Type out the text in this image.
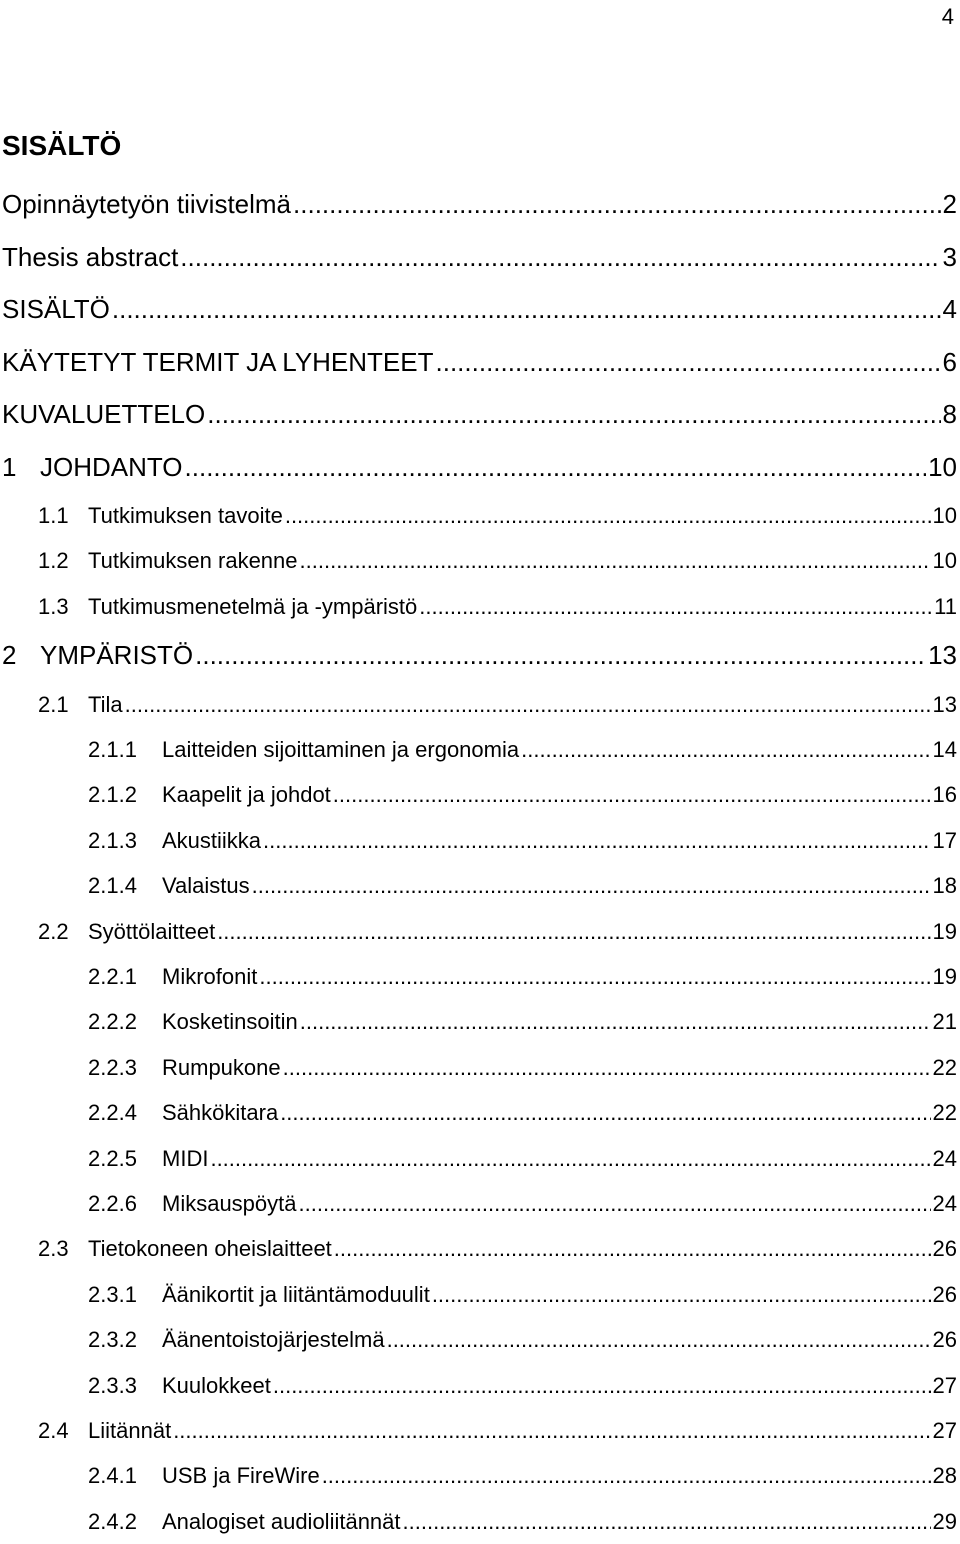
4
SISÄLTÖ
Opinnäytetyön tiivistelmä .....	2
Thesis abstract .....	3
SISÄLTÖ .....	4
KÄYTETYT TERMIT JA LYHENTEET .....	6
KUVALUETTELO .....	8
1 JOHDANTO .....	10
1.1 Tutkimuksen tavoite .....	10
1.2 Tutkimuksen rakenne .....	10
1.3 Tutkimusmenetelmä ja -ympäristö .....	11
2 YMPÄRISTÖ .....	13
2.1 Tila .....	13
2.1.1	Laitteiden sijoittaminen ja ergonomia .....	14
2.1.2	Kaapelit ja johdot .....	16
2.1.3	Akustiikka .....	17
2.1.4	Valaistus .....	18
2.2 Syöttölaitteet .....	19
2.2.1	Mikrofonit .....	19
2.2.2	Kosketinsoitin .....	21
2.2.3	Rumpukone .....	22
2.2.4	Sähkökitara .....	22
2.2.5	MIDI .....	24
2.2.6	Miksauspöytä .....	24
2.3 Tietokoneen oheislaitteet .....	26
2.3.1	Äänikortit ja liitäntämoduulit .....	26
2.3.2	Äänentoistojärjestelmä .....	26
2.3.3	Kuulokkeet .....	27
2.4 Liitännät .....	27
2.4.1	USB ja FireWire .....	28
2.4.2	Analogiset audioliitännät .....	29
